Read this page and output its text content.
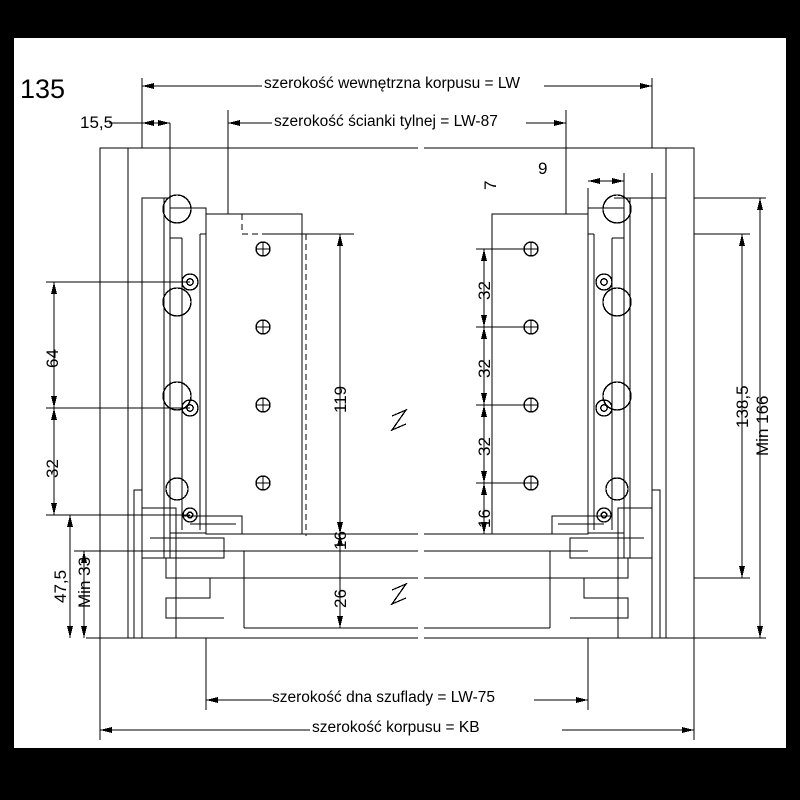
135	szerokość wewnętrzna korpusu = LW
szerokość ścianki tylnej = LW-87
szerokość dna szuflady = LW-75
szerokość korpusu = KB
15,5
7
9
64
32
47,5 Min 33
119
16
26
32
32
32
16
138,5 Min 166
